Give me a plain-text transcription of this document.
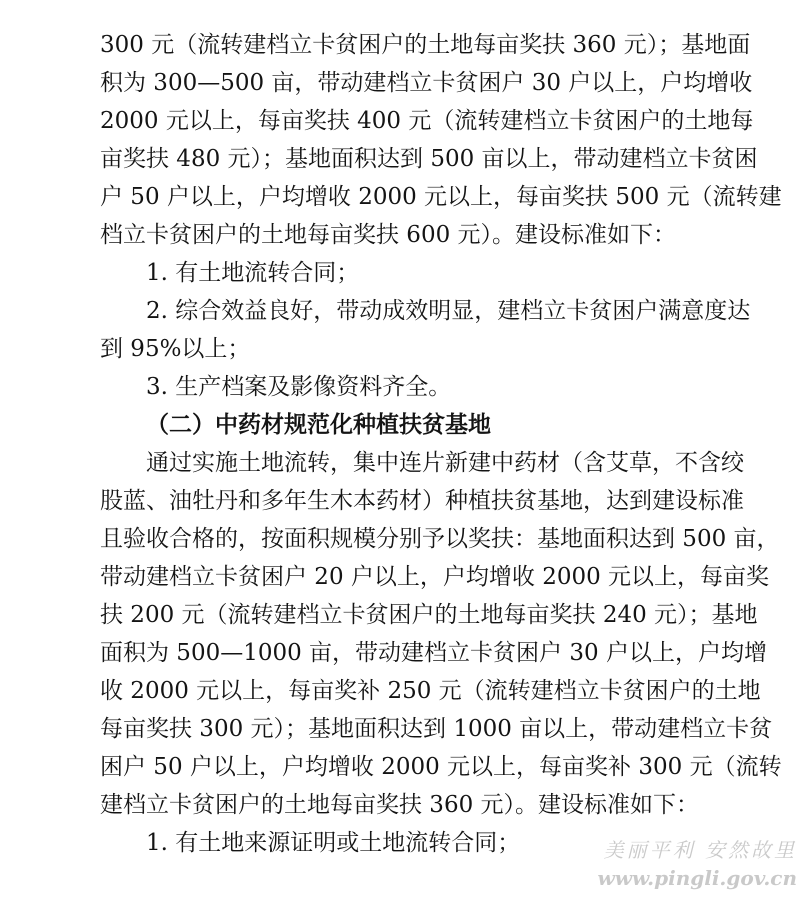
300 元（流转建档立卡贫困户的土地每亩奖扶 360 元）；基地面
积为 300—500 亩，带动建档立卡贫困户 30 户以上，户均增收
2000 元以上，每亩奖扶 400 元（流转建档立卡贫困户的土地每
亩奖扶 480 元）；基地面积达到 500 亩以上，带动建档立卡贫困
户 50 户以上，户均增收 2000 元以上，每亩奖扶 500 元（流转建
档立卡贫困户的土地每亩奖扶 600 元）。建设标准如下：
1. 有土地流转合同；
2. 综合效益良好，带动成效明显，建档立卡贫困户满意度达
到 95%以上；
3. 生产档案及影像资料齐全。
（二）中药材规范化种植扶贫基地
通过实施土地流转，集中连片新建中药材（含艾草，不含绞
股蓝、油牡丹和多年生木本药材）种植扶贫基地，达到建设标准
且验收合格的，按面积规模分别予以奖扶：基地面积达到 500 亩，
带动建档立卡贫困户 20 户以上，户均增收 2000 元以上，每亩奖
扶 200 元（流转建档立卡贫困户的土地每亩奖扶 240 元）；基地
面积为 500—1000 亩，带动建档立卡贫困户 30 户以上，户均增
收 2000 元以上，每亩奖补 250 元（流转建档立卡贫困户的土地
每亩奖扶 300 元）；基地面积达到 1000 亩以上，带动建档立卡贫
困户 50 户以上，户均增收 2000 元以上，每亩奖补 300 元（流转
建档立卡贫困户的土地每亩奖扶 360 元）。建设标准如下：
1. 有土地来源证明或土地流转合同；	美丽平利 安然故里
www.pingli.gov.cn
